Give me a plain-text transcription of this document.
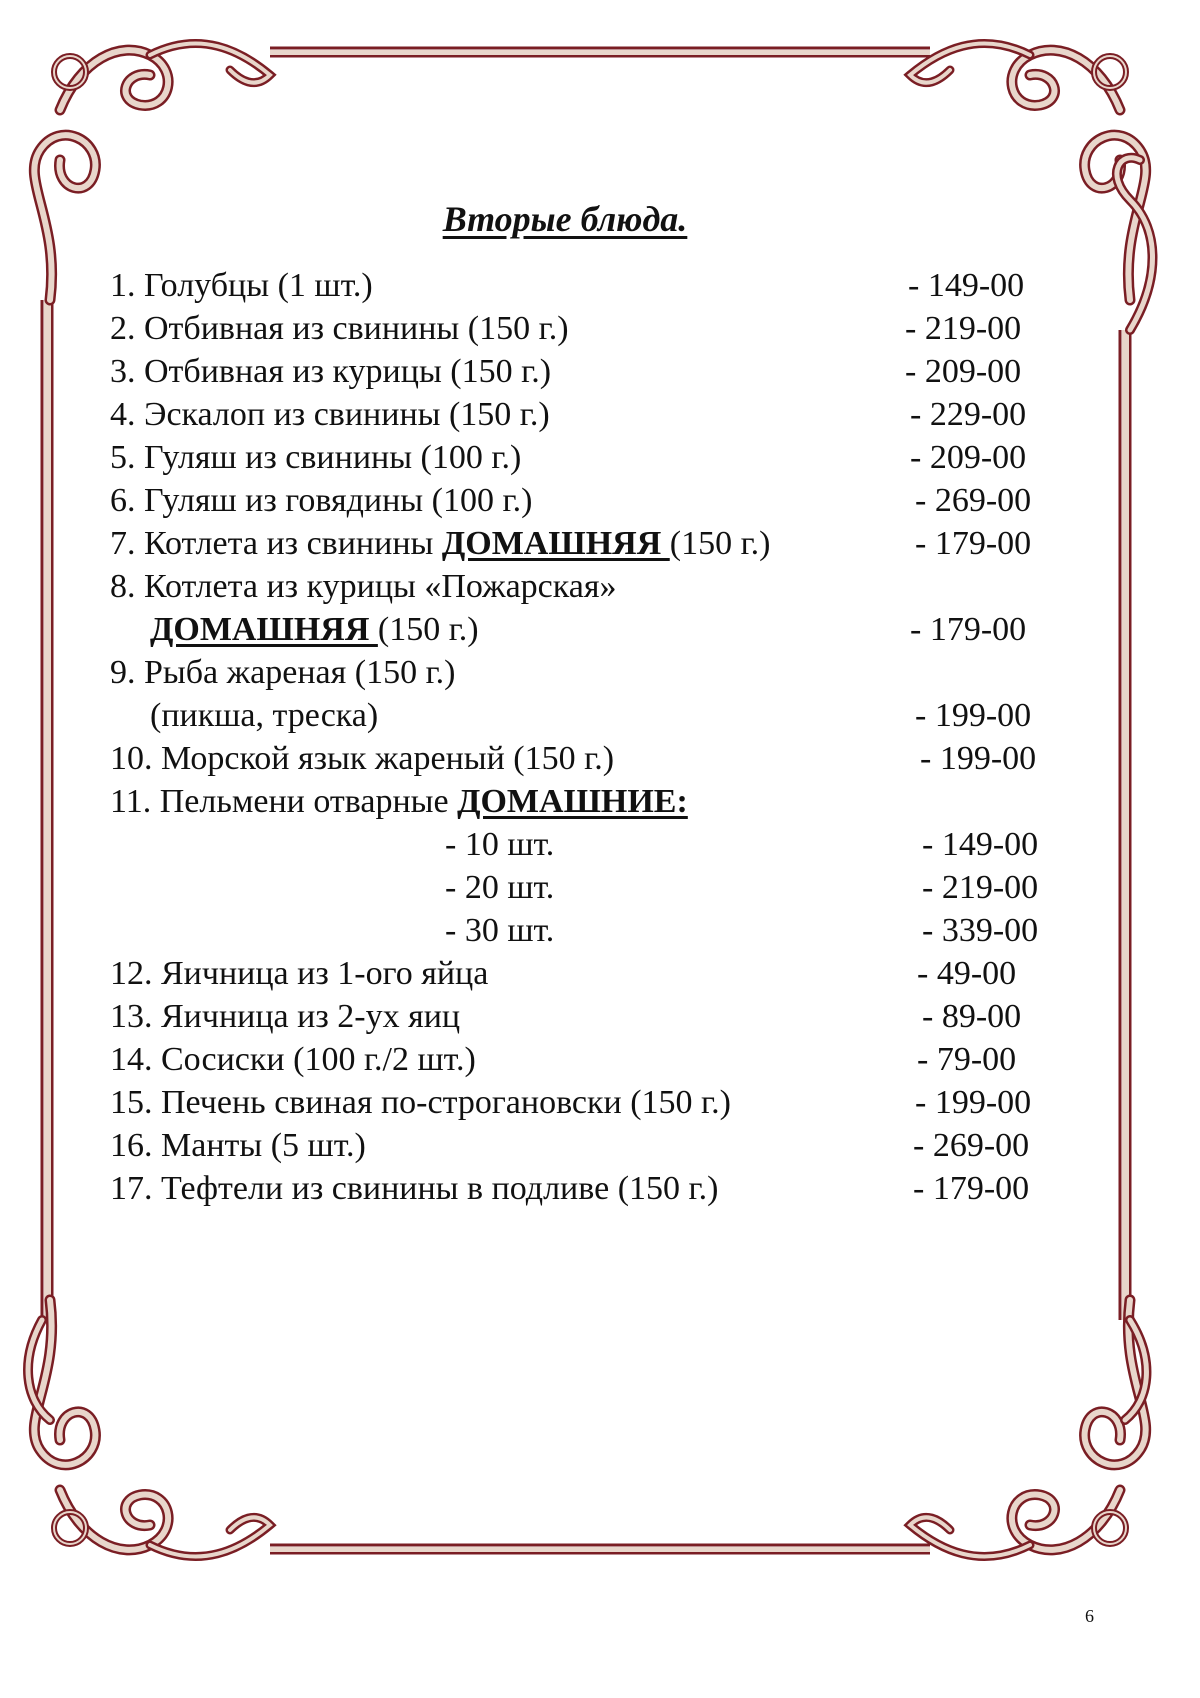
Вторые блюда.
1. Голубцы (1 шт.)	- 149-00
2. Отбивная из свинины (150 г.)	- 219-00
3. Отбивная из курицы (150 г.)	- 209-00
4. Эскалоп из свинины (150 г.)	- 229-00
5. Гуляш из свинины (100 г.)	- 209-00
6. Гуляш из говядины (100 г.)	- 269-00
7. Котлета из свинины ДОМАШНЯЯ (150 г.)	- 179-00
8. Котлета из курицы «Пожарская»
ДОМАШНЯЯ (150 г.)	- 179-00
9. Рыба жареная (150 г.)
(пикша, треска)	- 199-00
10. Морской язык жареный (150 г.)	- 199-00
11. Пельмени отварные ДОМАШНИЕ:
- 10 шт.	- 149-00
- 20 шт.	- 219-00
- 30 шт.	- 339-00
12. Яичница из 1-ого яйца	- 49-00
13. Яичница из 2-ух яиц	- 89-00
14. Сосиски (100 г./2 шт.)	- 79-00
15. Печень свиная по-строгановски (150 г.)	- 199-00
16. Манты (5 шт.)	- 269-00
17. Тефтели из свинины в подливе (150 г.)	- 179-00
6
